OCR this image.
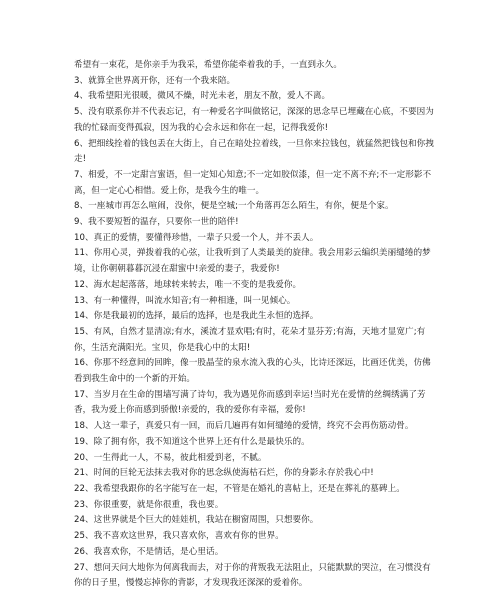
希望有一束花，是你亲手为我采，希望你能牵着我的手，一直到永久。

3、就算全世界离开你，还有一个我来陪。

4、我希望阳光很暖，微风不燥，时光未老，朋友不散，爱人不离。

5、没有联系你并不代表忘记，有一种爱名字叫做铭记，深深的思念早已埋藏在心底，不要因为我的忙碌而变得孤寂，因为我的心会永远和你在一起，记得我爱你!

6、把细线拴着的钱包丢在大街上，自己在暗处拉着线，一旦你来拉钱包，就猛然把钱包和你拽走!

7、相爱，不一定甜言蜜语，但一定知心知意;不一定如胶似漆，但一定不离不弃;不一定形影不离，但一定心心相惜。爱上你，是我今生的唯一。

8、一座城市再怎么喧闹，没你，便是空城;一个角落再怎么陌生，有你，便是个家。

9、我不要短暂的温存，只要你一世的陪伴!

10、真正的爱情，要懂得珍惜，一辈子只爱一个人，并不丢人。

11、你用心灵，弹拨着我的心弦，让我听到了人类最美的旋律。我会用彩云编织美丽缱绻的梦境，让你朝朝暮暮沉浸在甜蜜中!亲爱的妻子，我爱你!

12、海水起起落落，地球转来转去，唯一不变的是我爱你。

13、有一种懂得，叫流水知音;有一种相逢，叫一见倾心。

14、你是我最初的选择，最后的选择，也是我此生永恒的选择。

15、有风，自然才显清凉;有水，溪流才显欢唱;有时，花朵才显芬芳;有海，天地才显宽广;有你，生活充满阳光。宝贝，你是我心中的太阳!

16、你那不经意间的回眸，像一股晶莹的泉水流入我的心头，比诗还深远，比画还优美，仿佛看到我生命中的一个新的开始。

17、当岁月在生命的围墙写满了诗句，我为遇见你而感到幸运!当时光在爱情的丝绸绣满了芳香，我为爱上你而感到骄傲!亲爱的，我的爱你有幸福，爱你!

18、人这一辈子，真爱只有一回，而后几遍再有如何缱绻的爱情，终究不会再伤筋动骨。

19、除了拥有你，我不知道这个世界上还有什么是最快乐的。

20、一生得此一人，不易，彼此相爱到老，不腻。

21、时间的巨轮无法抹去我对你的思念纵使海枯石烂，你的身影永存於我心中!

22、我希望我跟你的名字能写在一起，不管是在婚礼的喜帖上，还是在葬礼的墓碑上。

23、你很重要，就是你很重，我也要。

24、这世界就是个巨大的娃娃机，我站在橱窗周围，只想要你。

25、我不喜欢这世界，我只喜欢你，喜欢有你的世界。

26、我喜欢你，不是情话，是心里话。

27、想问天问大地你为何离我而去，对于你的背叛我无法阻止，只能默默的哭泣，在习惯没有你的日子里，慢慢忘掉你的背影，才发现我还深深的爱着你。
